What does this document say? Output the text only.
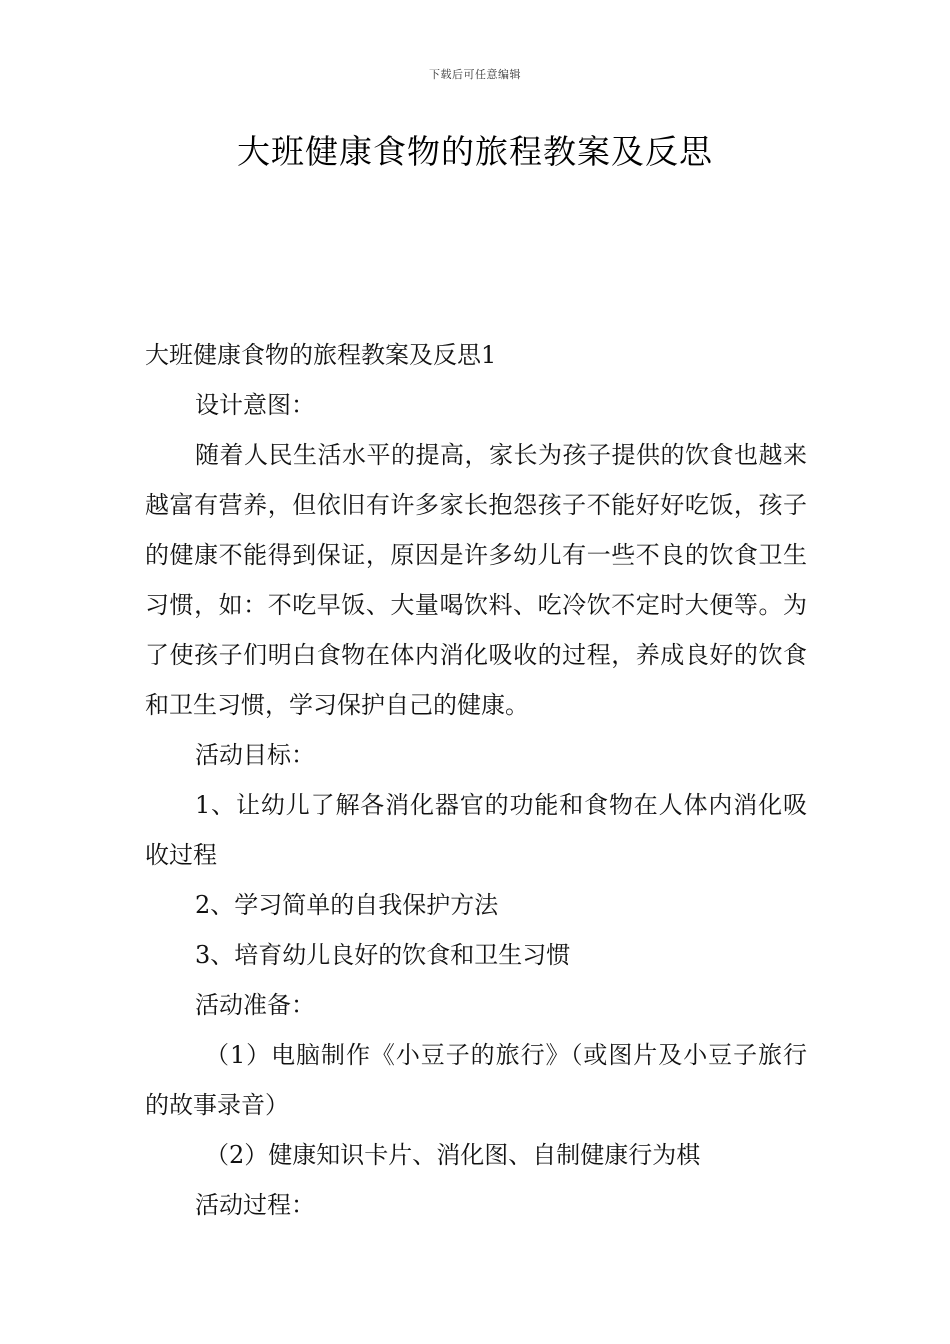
下载后可任意编辑
大班健康食物的旅程教案及反思

大班健康食物的旅程教案及反思1

设计意图：

随着人民生活水平的提高，家长为孩子提供的饮食也越来越富有营养，但依旧有许多家长抱怨孩子不能好好吃饭，孩子的健康不能得到保证，原因是许多幼儿有一些不良的饮食卫生习惯，如：不吃早饭、大量喝饮料、吃冷饮不定时大便等。为了使孩子们明白食物在体内消化吸收的过程，养成良好的饮食和卫生习惯，学习保护自己的健康。

活动目标：

1、让幼儿了解各消化器官的功能和食物在人体内消化吸收过程

2、学习简单的自我保护方法

3、培育幼儿良好的饮食和卫生习惯

活动准备：

（1）电脑制作《小豆子的旅行》（或图片及小豆子旅行的故事录音）

（2）健康知识卡片、消化图、自制健康行为棋

活动过程：
